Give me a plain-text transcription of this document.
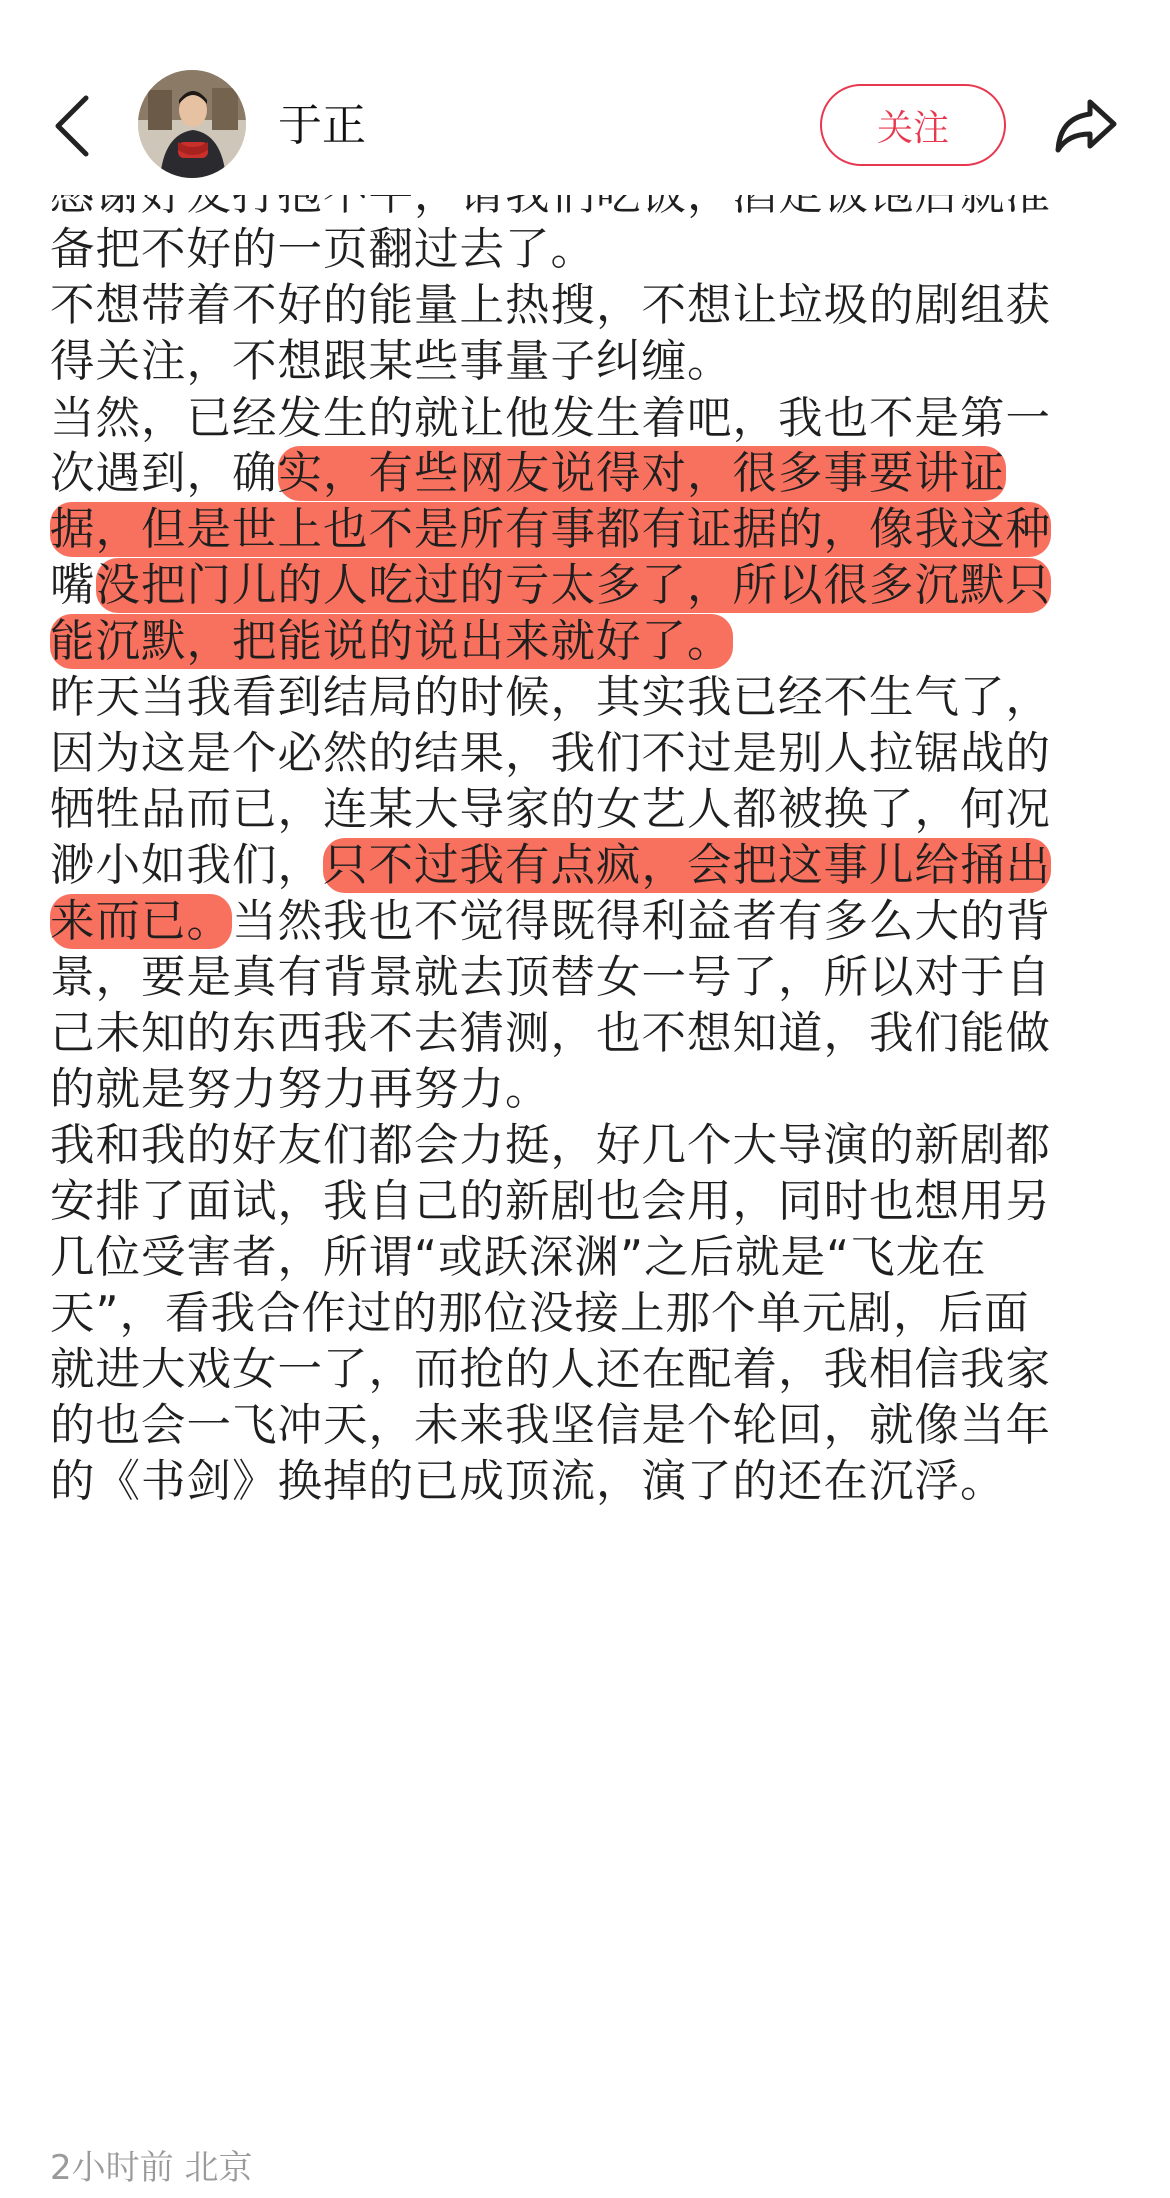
备把不好的一页翻过去了。
不想带着不好的能量上热搜，不想让垃圾的剧组获
得关注，不想跟某些事量子纠缠。
当然，已经发生的就让他发生着吧，我也不是第一
次遇到，确实，有些网友说得对，很多事要讲证
据，但是世上也不是所有事都有证据的，像我这种
嘴没把门儿的人吃过的亏太多了，所以很多沉默只
能沉默，把能说的说出来就好了。
昨天当我看到结局的时候，其实我已经不生气了，
因为这是个必然的结果，我们不过是别人拉锯战的
牺牲品而已，连某大导家的女艺人都被换了，何况
渺小如我们，只不过我有点疯，会把这事儿给捅出
来而已。当然我也不觉得既得利益者有多么大的背
景，要是真有背景就去顶替女一号了，所以对于自
己未知的东西我不去猜测，也不想知道，我们能做
的就是努力努力再努力。
我和我的好友们都会力挺，好几个大导演的新剧都
安排了面试，我自己的新剧也会用，同时也想用另
几位受害者，所谓“或跃深渊”之后就是“飞龙在
天”，看我合作过的那位没接上那个单元剧，后面
就进大戏女一了，而抢的人还在配着，我相信我家
的也会一飞冲天，未来我坚信是个轮回，就像当年
的《书剑》换掉的已成顶流，演了的还在沉浮。
2小时前 北京
于正	关注
